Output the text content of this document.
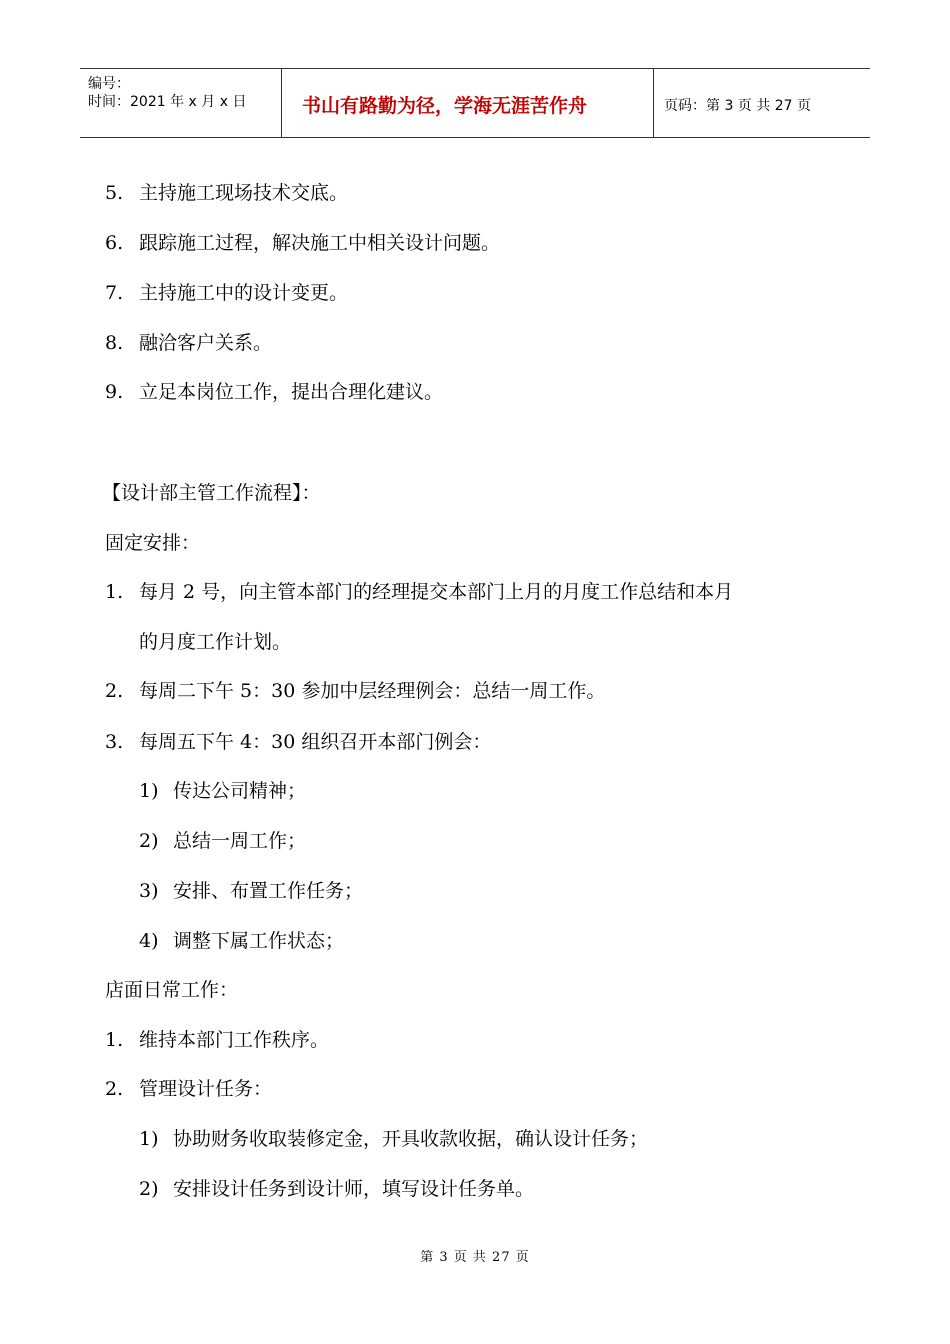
编号：
时间：2021 年 x 月 x 日	书山有路勤为径，学海无涯苦作舟	页码：第 3 页 共 27 页
5. 主持施工现场技术交底。
6. 跟踪施工过程，解决施工中相关设计问题。
7. 主持施工中的设计变更。
8. 融洽客户关系。
9. 立足本岗位工作，提出合理化建议。
【设计部主管工作流程】：
固定安排：
1. 每月 2 号，向主管本部门的经理提交本部门上月的月度工作总结和本月
的月度工作计划。
2. 每周二下午 5：30 参加中层经理例会：总结一周工作。
3. 每周五下午 4：30 组织召开本部门例会：
1) 传达公司精神；
2) 总结一周工作；
3) 安排、布置工作任务；
4) 调整下属工作状态；
店面日常工作：
1. 维持本部门工作秩序。
2. 管理设计任务：
1) 协助财务收取装修定金，开具收款收据，确认设计任务；
2) 安排设计任务到设计师，填写设计任务单。
第 3 页 共 27 页
